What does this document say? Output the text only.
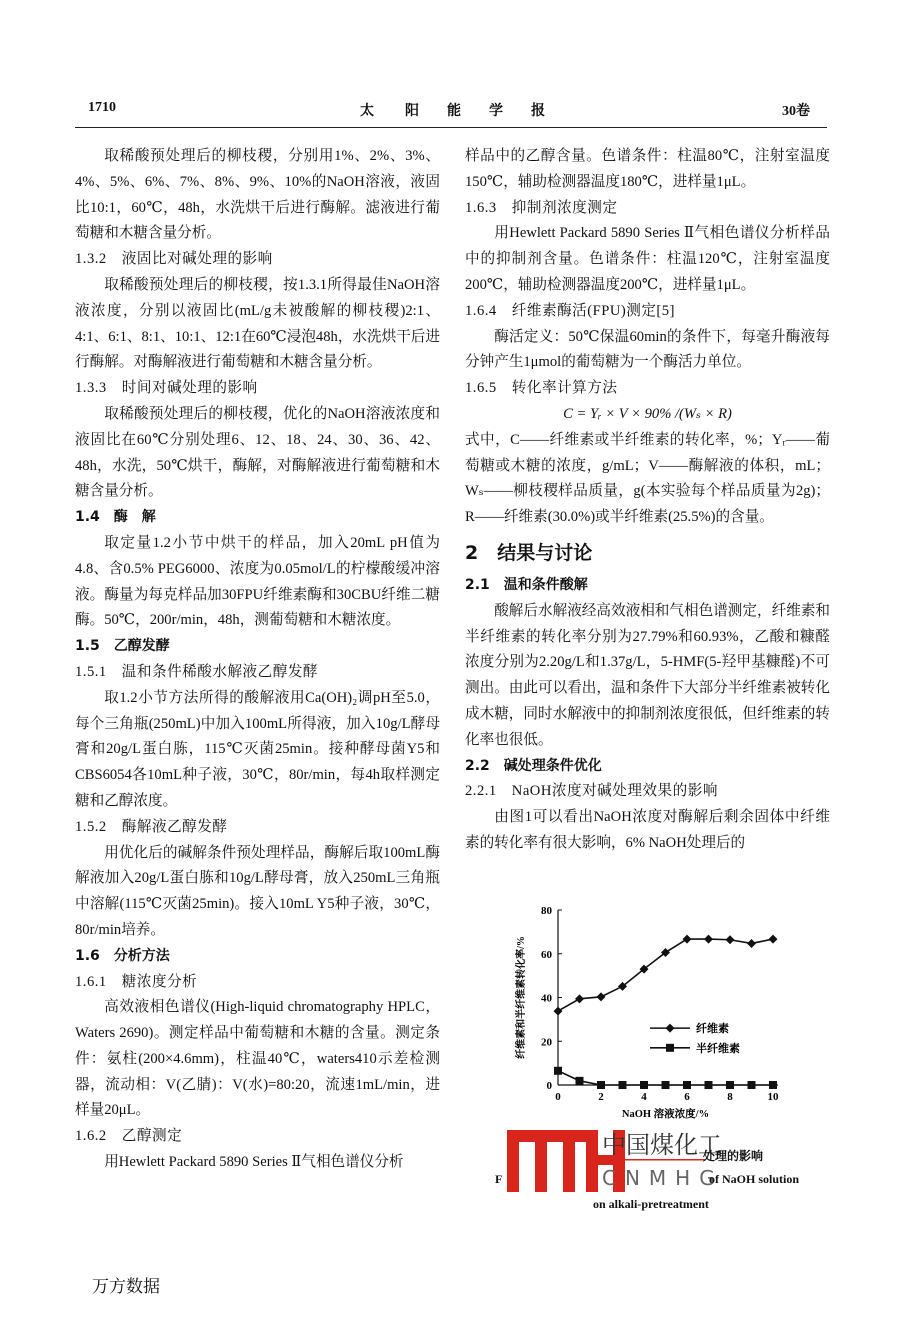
1710	太 阳 能 学 报	30卷

取稀酸预处理后的柳枝稷，分别用1%、2%、3%、4%、5%、6%、7%、8%、9%、10%的NaOH溶液，液固比10:1，60℃，48h，水洗烘干后进行酶解。滤液进行葡萄糖和木糖含量分析。

1.3.2　液固比对碱处理的影响

取稀酸预处理后的柳枝稷，按1.3.1所得最佳NaOH溶液浓度，分别以液固比(mL/g未被酸解的柳枝稷)2:1、4:1、6:1、8:1、10:1、12:1在60℃浸泡48h，水洗烘干后进行酶解。对酶解液进行葡萄糖和木糖含量分析。

1.3.3　时间对碱处理的影响

取稀酸预处理后的柳枝稷，优化的NaOH溶液浓度和液固比在60℃分别处理6、12、18、24、30、36、42、48h，水洗，50℃烘干，酶解，对酶解液进行葡萄糖和木糖含量分析。

1.4　酶　解

取定量1.2小节中烘干的样品，加入20mL pH值为4.8、含0.5% PEG6000、浓度为0.05mol/L的柠檬酸缓冲溶液。酶量为每克样品加30FPU纤维素酶和30CBU纤维二糖酶。50℃，200r/min，48h，测葡萄糖和木糖浓度。

1.5　乙醇发酵

1.5.1　温和条件稀酸水解液乙醇发酵

取1.2小节方法所得的酸解液用Ca(OH)₂调pH至5.0，每个三角瓶(250mL)中加入100mL所得液，加入10g/L酵母膏和20g/L蛋白胨，115℃灭菌25min。接种酵母菌Y5和CBS6054各10mL种子液，30℃，80r/min，每4h取样测定糖和乙醇浓度。

1.5.2　酶解液乙醇发酵

用优化后的碱解条件预处理样品，酶解后取100mL酶解液加入20g/L蛋白胨和10g/L酵母膏，放入250mL三角瓶中溶解(115℃灭菌25min)。接入10mL Y5种子液，30℃，80r/min培养。

1.6　分析方法

1.6.1　糖浓度分析

高效液相色谱仪(High-liquid chromatography HPLC，Waters 2690)。测定样品中葡萄糖和木糖的含量。测定条件：氨柱(200×4.6mm)，柱温40℃，waters410示差检测器，流动相：V(乙腈)：V(水)=80:20，流速1mL/min，进样量20μL。

1.6.2　乙醇测定

用Hewlett Packard 5890 Series Ⅱ气相色谱仪分析

样品中的乙醇含量。色谱条件：柱温80℃，注射室温度150℃，辅助检测器温度180℃，进样量1μL。

1.6.3　抑制剂浓度测定

用Hewlett Packard 5890 Series Ⅱ气相色谱仪分析样品中的抑制剂含量。色谱条件：柱温120℃，注射室温度200℃，辅助检测器温度200℃，进样量1μL。

1.6.4　纤维素酶活(FPU)测定[5]

酶活定义：50℃保温60min的条件下，每毫升酶液每分钟产生1μmol的葡萄糖为一个酶活力单位。

1.6.5　转化率计算方法

C = Yᵣ × V × 90% /(Wₛ × R)

式中，C——纤维素或半纤维素的转化率，%；Yᵣ——葡萄糖或木糖的浓度，g/mL；V——酶解液的体积，mL；Wₛ——柳枝稷样品质量，g(本实验每个样品质量为2g)；R——纤维素(30.0%)或半纤维素(25.5%)的含量。

2　结果与讨论

2.1　温和条件酸解

酸解后水解液经高效液相和气相色谱测定，纤维素和半纤维素的转化率分别为27.79%和60.93%，乙酸和糠醛浓度分别为2.20g/L和1.37g/L，5-HMF(5-羟甲基糠醛)不可测出。由此可以看出，温和条件下大部分半纤维素被转化成木糖，同时水解液中的抑制剂浓度很低，但纤维素的转化率也很低。

2.2　碱处理条件优化

2.2.1　NaOH浓度对碱处理效果的影响

由图1可以看出NaOH浓度对酶解后剩余固体中纤维素的转化率有很大影响，6% NaOH处理后的

0
20
40
60
80
0	2	4	6	8	10
NaOH 溶液浓度/%
纤维素和半纤维素转化率/%	纤维素
半纤维素
中国煤化工
CNMHG
F
处理的影响
of NaOH solution
on alkali-pretreatment
万方数据
